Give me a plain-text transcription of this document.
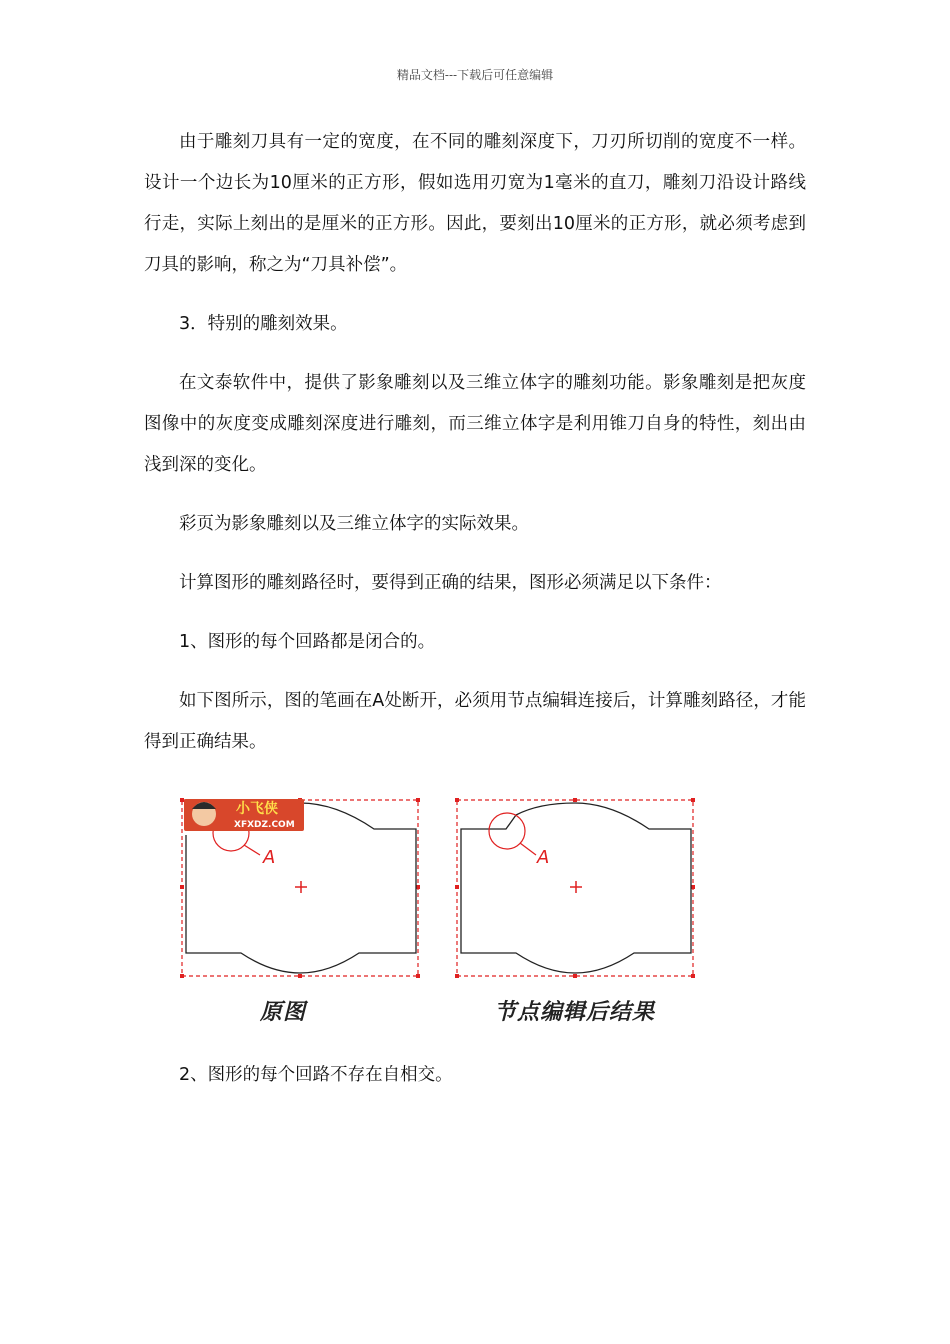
精品文档---下载后可任意编辑

由于雕刻刀具有一定的宽度，在不同的雕刻深度下，刀刃所切削的宽度不一样。设计一个边长为10厘米的正方形，假如选用刃宽为1毫米的直刀，雕刻刀沿设计路线行走，实际上刻出的是厘米的正方形。因此，要刻出10厘米的正方形，就必须考虑到刀具的影响，称之为“刀具补偿”。

3．特别的雕刻效果。

在文泰软件中，提供了影象雕刻以及三维立体字的雕刻功能。影象雕刻是把灰度图像中的灰度变成雕刻深度进行雕刻，而三维立体字是利用锥刀自身的特性，刻出由浅到深的变化。

彩页为影象雕刻以及三维立体字的实际效果。

计算图形的雕刻路径时，要得到正确的结果，图形必须满足以下条件：

1、图形的每个回路都是闭合的。

如下图所示，图的笔画在A处断开，必须用节点编辑连接后，计算雕刻路径，才能得到正确结果。

A
小飞侠
XFXDZ.COM
A
原图	节点编辑后结果

2、图形的每个回路不存在自相交。
